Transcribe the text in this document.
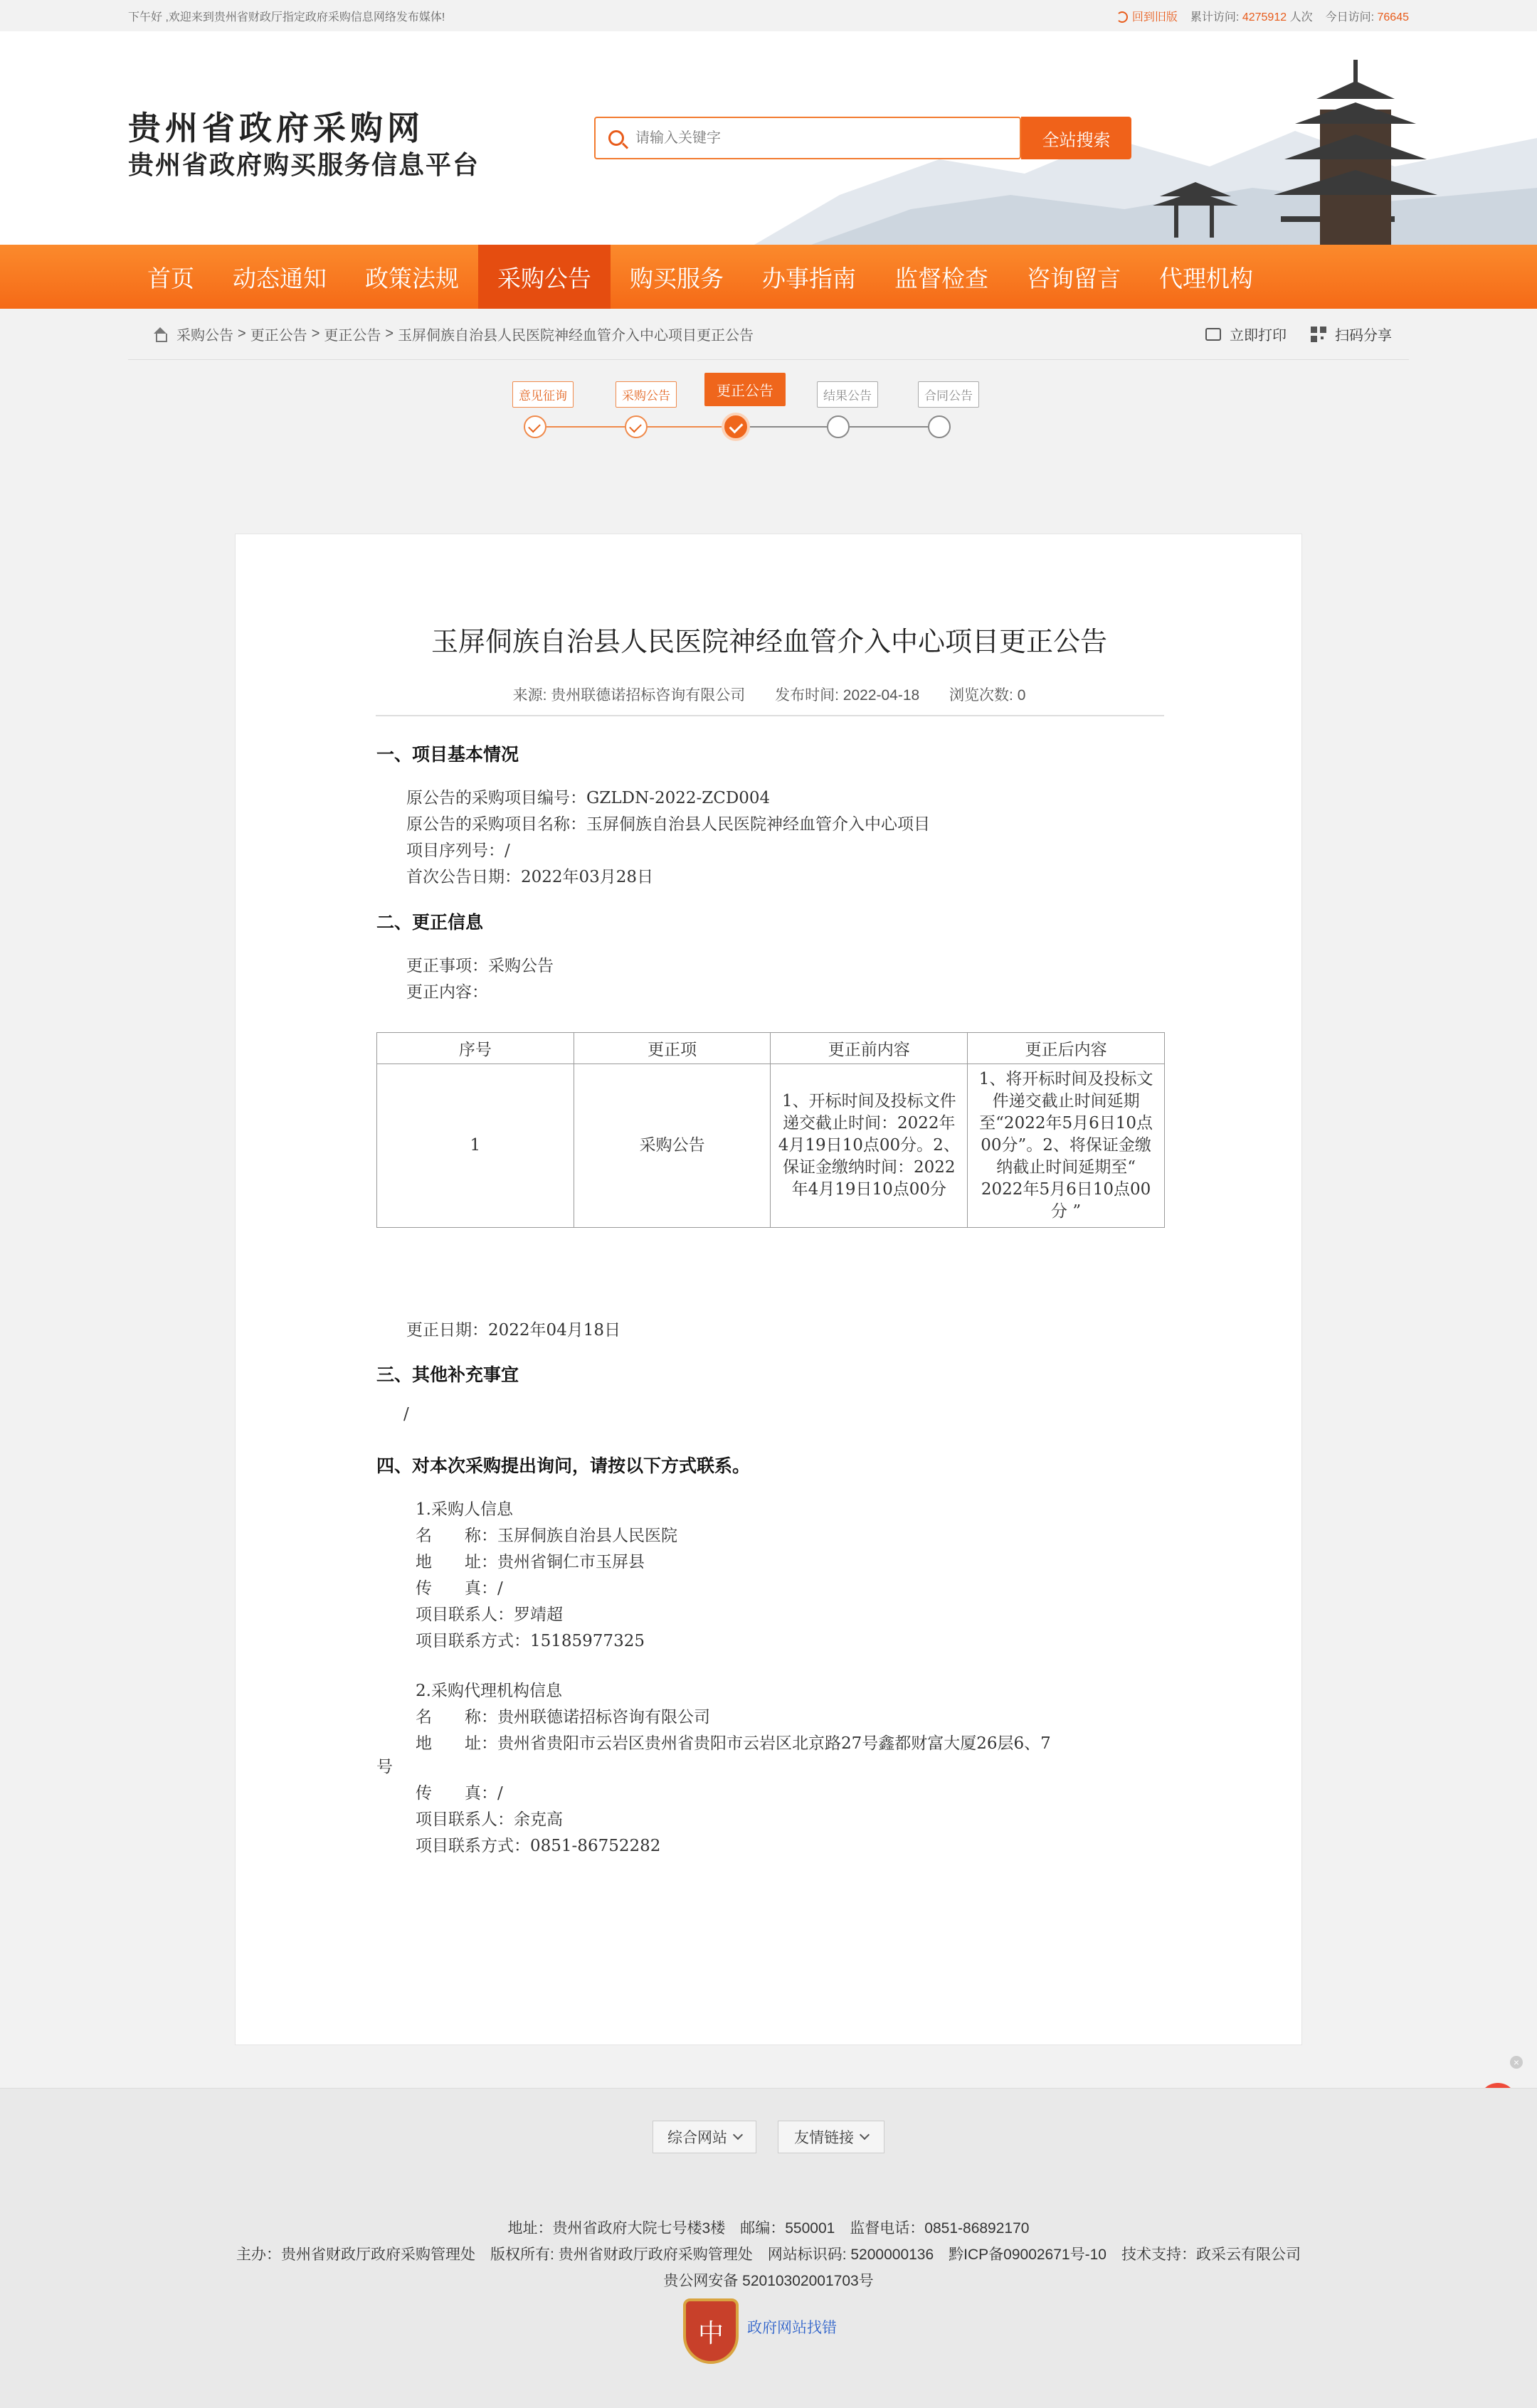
下午好 ,欢迎来到贵州省财政厅指定政府采购信息网络发布媒体!	回到旧版 累计访问: 4275912 人次 今日访问: 76645
贵州省政府采购网
贵州省政府购买服务信息平台
请输入关键字
全站搜索
首页	动态通知	政策法规	采购公告	购买服务	办事指南	监督检查	咨询留言	代理机构
采购公告 > 更正公告 > 更正公告 > 玉屏侗族自治县人民医院神经血管介入中心项目更正公告	立即打印	扫码分享
意见征询	采购公告	更正公告	结果公告	合同公告
玉屏侗族自治县人民医院神经血管介入中心项目更正公告
来源: 贵州联德诺招标咨询有限公司 发布时间: 2022-04-18 浏览次数: 0
一、项目基本情况
原公告的采购项目编号：GZLDN-2022-ZCD004
原公告的采购项目名称：玉屏侗族自治县人民医院神经血管介入中心项目
项目序列号：/
首次公告日期：2022年03月28日
二、更正信息
更正事项：采购公告
更正内容：
序号	更正项	更正前内容	更正后内容
1	采购公告	1、开标时间及投标文件递交截止时间：2022年4月19日10点00分。2、保证金缴纳时间：2022年4月19日10点00分	1、将开标时间及投标文件递交截止时间延期至“2022年5月6日10点00分”。2、将保证金缴纳截止时间延期至“ 2022年5月6日10点00分 ”
更正日期：2022年04月18日
三、其他补充事宜
/
四、对本次采购提出询问，请按以下方式联系。
1.采购人信息
名　　称：玉屏侗族自治县人民医院
地　　址：贵州省铜仁市玉屏县
传　　真：/
项目联系人：罗靖超
项目联系方式：15185977325
2.采购代理机构信息
名　　称：贵州联德诺招标咨询有限公司
地　　址：贵州省贵阳市云岩区贵州省贵阳市云岩区北京路27号鑫都财富大厦26层6、7
号
传　　真：/
项目联系人：余克高
项目联系方式：0851-86752282
×
综合网站	友情链接
地址：贵州省政府大院七号楼3楼　邮编：550001　监督电话：0851-86892170
主办：贵州省财政厅政府采购管理处　版权所有: 贵州省财政厅政府采购管理处　网站标识码: 5200000136　黔ICP备09002671号-10　技术支持：政采云有限公司
贵公网安备 52010302001703号
中	政府网站找错
